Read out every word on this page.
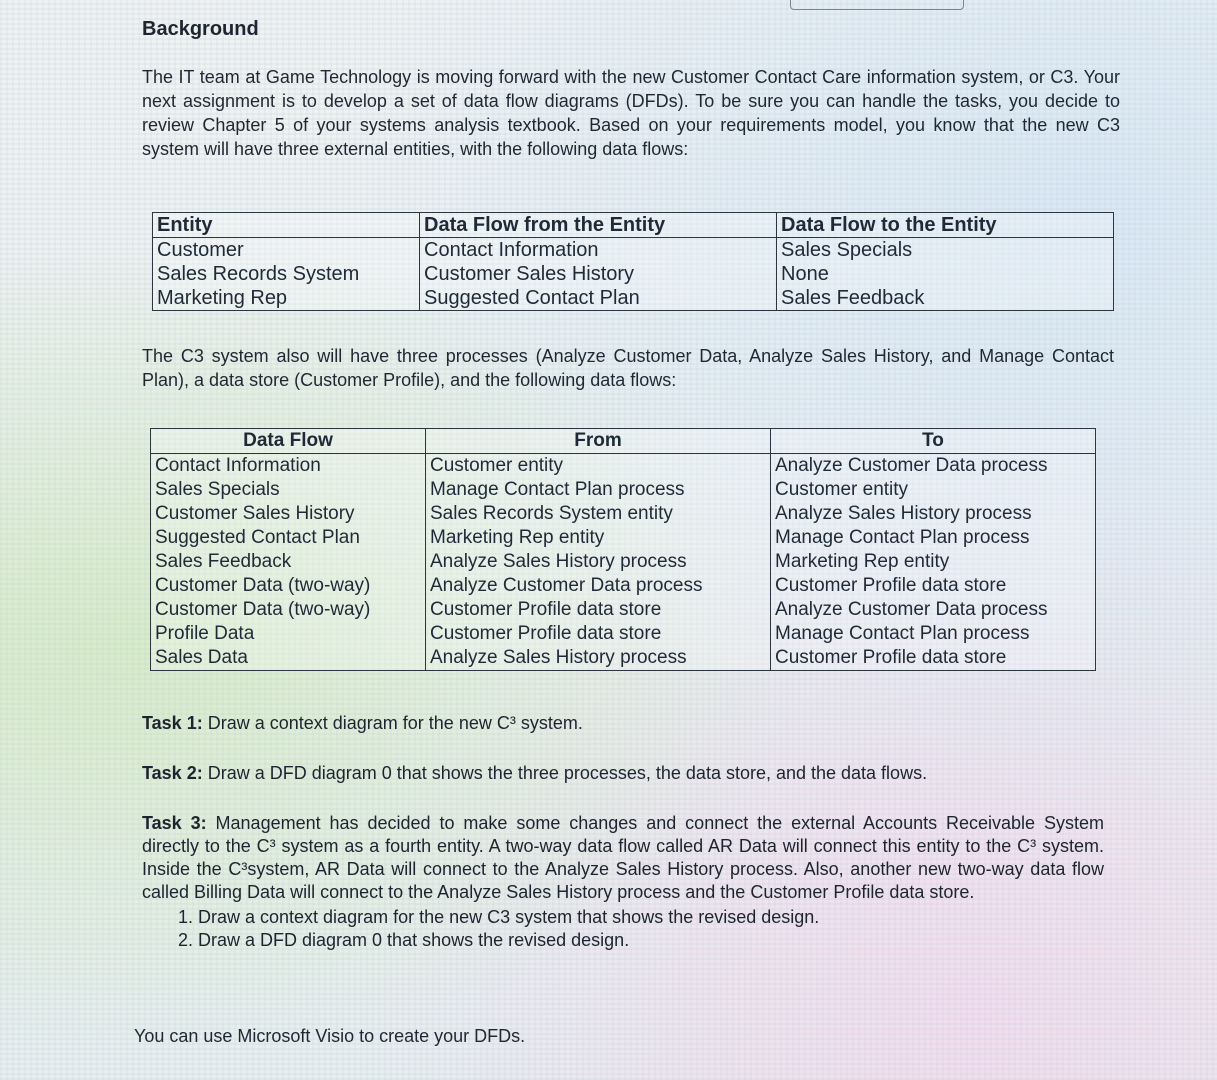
Background

The IT team at Game Technology is moving forward with the new Customer Contact Care information system, or C3. Your next assignment is to develop a set of data flow diagrams (DFDs). To be sure you can handle the tasks, you decide to review Chapter 5 of your systems analysis textbook. Based on your requirements model, you know that the new C3 system will have three external entities, with the following data flows:

Entity	Data Flow from the Entity	Data Flow to the Entity
Customer	Contact Information	Sales Specials
Sales Records System	Customer Sales History	None
Marketing Rep	Suggested Contact Plan	Sales Feedback

The C3 system also will have three processes (Analyze Customer Data, Analyze Sales History, and Manage Contact Plan), a data store (Customer Profile), and the following data flows:

Data Flow	From	To
Contact Information	Customer entity	Analyze Customer Data process
Sales Specials	Manage Contact Plan process	Customer entity
Customer Sales History	Sales Records System entity	Analyze Sales History process
Suggested Contact Plan	Marketing Rep entity	Manage Contact Plan process
Sales Feedback	Analyze Sales History process	Marketing Rep entity
Customer Data (two-way)	Analyze Customer Data process	Customer Profile data store
Customer Data (two-way)	Customer Profile data store	Analyze Customer Data process
Profile Data	Customer Profile data store	Manage Contact Plan process
Sales Data	Analyze Sales History process	Customer Profile data store

Task 1: Draw a context diagram for the new C³ system.

Task 2: Draw a DFD diagram 0 that shows the three processes, the data store, and the data flows.

Task 3: Management has decided to make some changes and connect the external Accounts Receivable System directly to the C³ system as a fourth entity. A two-way data flow called AR Data will connect this entity to the C³ system. Inside the C³system, AR Data will connect to the Analyze Sales History process. Also, another new two-way data flow called Billing Data will connect to the Analyze Sales History process and the Customer Profile data store.

1. Draw a context diagram for the new C3 system that shows the revised design.
2. Draw a DFD diagram 0 that shows the revised design.

You can use Microsoft Visio to create your DFDs.
